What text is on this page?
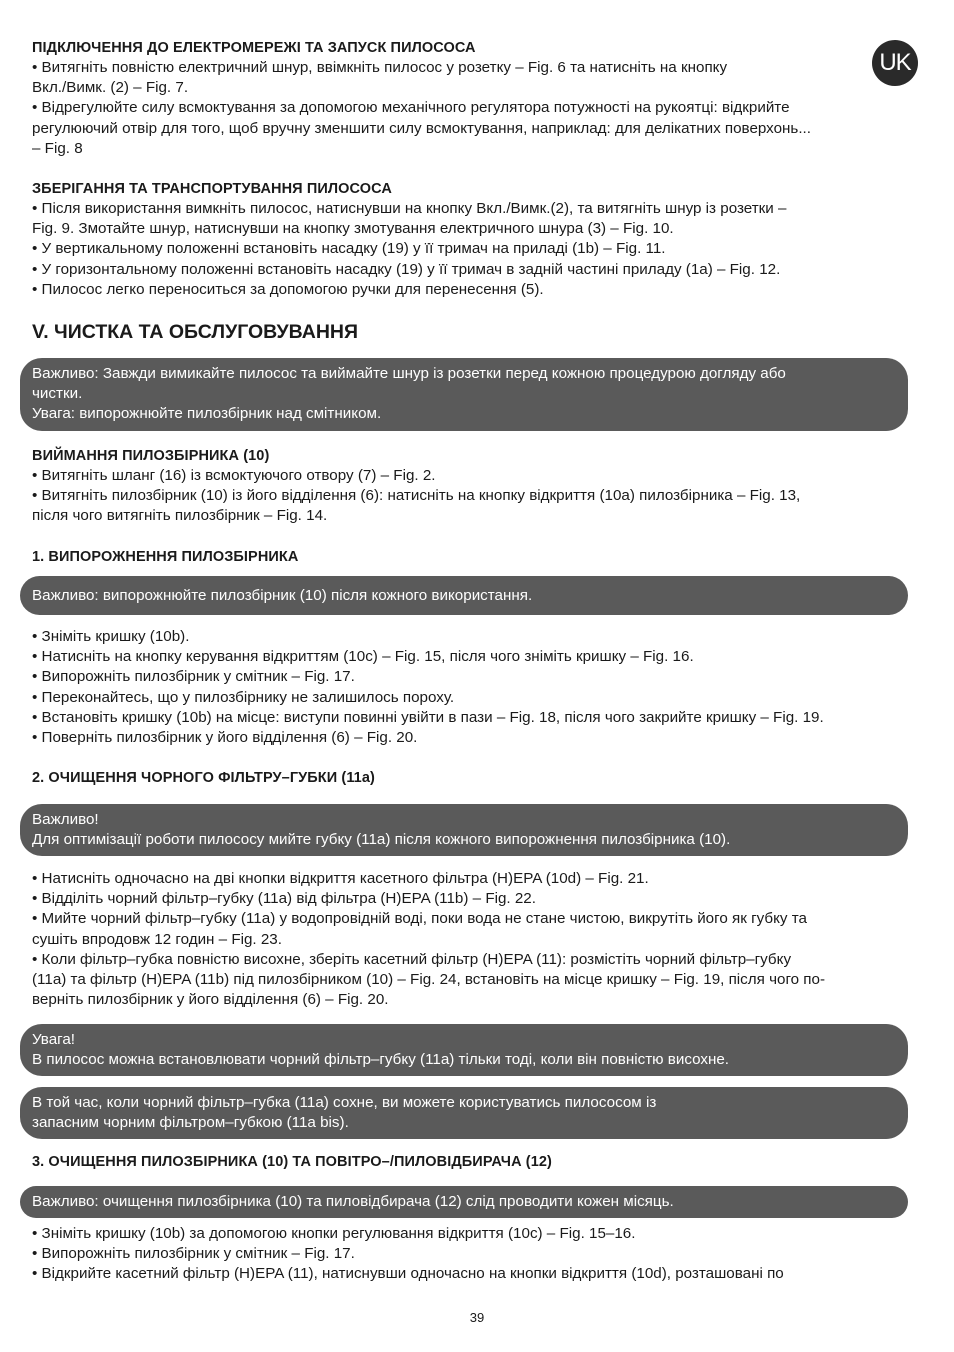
UK

ПІДКЛЮЧЕННЯ ДО ЕЛЕКТРОМЕРЕЖІ ТА ЗАПУСК ПИЛОСОСА

• Витягніть повністю електричний шнур, ввімкніть пилосос у розетку – Fig. 6 та натисніть на кнопку

Вкл./Вимк. (2) – Fig. 7.

• Відрегулюйте силу всмоктування за допомогою механічного регулятора потужності на рукоятці: відкрийте

регулюючий отвір для того, щоб вручну зменшити силу всмоктування, наприклад: для делікатних поверхонь...

– Fig. 8

ЗБЕРІГАННЯ ТА ТРАНСПОРТУВАННЯ ПИЛОСОСА

• Після використання вимкніть пилосос, натиснувши на кнопку Вкл./Вимк.(2), та витягніть шнур із розетки –

Fig. 9. Змотайте шнур, натиснувши на кнопку змотування електричного шнура (3) – Fig. 10.

• У вертикальному положенні встановіть насадку (19) у її тримач на приладі (1b) – Fig. 11.

• У горизонтальному положенні встановіть насадку (19) у її тримач в задній частині приладу (1a) – Fig. 12.

• Пилосос легко переноситься за допомогою ручки для перенесення (5).

V. ЧИСТКА ТА ОБСЛУГОВУВАННЯ

Важливо: Завжди вимикайте пилосос та виймайте шнур із розетки перед кожною процедурою догляду або

чистки.

Увага: випорожнюйте пилозбірник над смітником.

ВИЙМАННЯ ПИЛОЗБІРНИКА (10)

• Витягніть шланг (16) із всмоктуючого отвору (7) – Fig. 2.

• Витягніть пилозбірник (10) із його відділення (6): натисніть на кнопку відкриття (10a) пилозбірника – Fig. 13,

після чого витягніть пилозбірник – Fig. 14.

1. ВИПОРОЖНЕННЯ ПИЛОЗБІРНИКА

Важливо: випорожнюйте пилозбірник (10) після кожного використання.

• Зніміть кришку (10b).

• Натисніть на кнопку керування відкриттям (10c) – Fig. 15, після чого зніміть кришку – Fig. 16.

• Випорожніть пилозбірник у смітник – Fig. 17.

• Переконайтесь, що у пилозбірнику не залишилось пороху.

• Встановіть кришку (10b) на місце: виступи повинні увійти в пази – Fig. 18, після чого закрийте кришку – Fig. 19.

• Поверніть пилозбірник у його відділення (6) – Fig. 20.

2. ОЧИЩЕННЯ ЧОРНОГО ФІЛЬТРУ–ГУБКИ (11a)

Важливо!

Для оптимізації роботи пилососу мийте губку (11a) після кожного випорожнення пилозбірника (10).

• Натисніть одночасно на дві кнопки відкриття касетного фільтра (H)EPA (10d) – Fig. 21.

• Відділіть чорний фільтр–губку (11a) від фільтра (H)EPA (11b) – Fig. 22.

• Мийте чорний фільтр–губку (11a) у водопровідній воді, поки вода не стане чистою, викрутіть його як губку та

сушіть впродовж 12 годин – Fig. 23.

• Коли фільтр–губка повністю висохне, зберіть касетний фільтр (H)EPA (11): розмістіть чорний фільтр–губку

(11a) та фільтр (H)EPA (11b) під пилозбірником (10) – Fig. 24, встановіть на місце кришку – Fig. 19, після чого по-

верніть пилозбірник у його відділення (6) – Fig. 20.

Увага!

В пилосос можна встановлювати чорний фільтр–губку (11a) тільки тоді, коли він повністю висохне.

В той час, коли чорний фільтр–губка (11a) сохне, ви можете користуватись пилососом із

запасним чорним фільтром–губкою (11a bis).

3. ОЧИЩЕННЯ ПИЛОЗБІРНИКА (10) ТА ПОВІТРО–/ПИЛОВІДБИРАЧА (12)

Важливо: очищення пилозбірника (10) та пиловідбирача (12) слід проводити кожен місяць.

• Зніміть кришку (10b) за допомогою кнопки регулювання відкриття (10c) – Fig. 15–16.

• Випорожніть пилозбірник у смітник – Fig. 17.

• Відкрийте касетний фільтр (H)EPA (11), натиснувши одночасно на кнопки відкриття (10d), розташовані по

39
